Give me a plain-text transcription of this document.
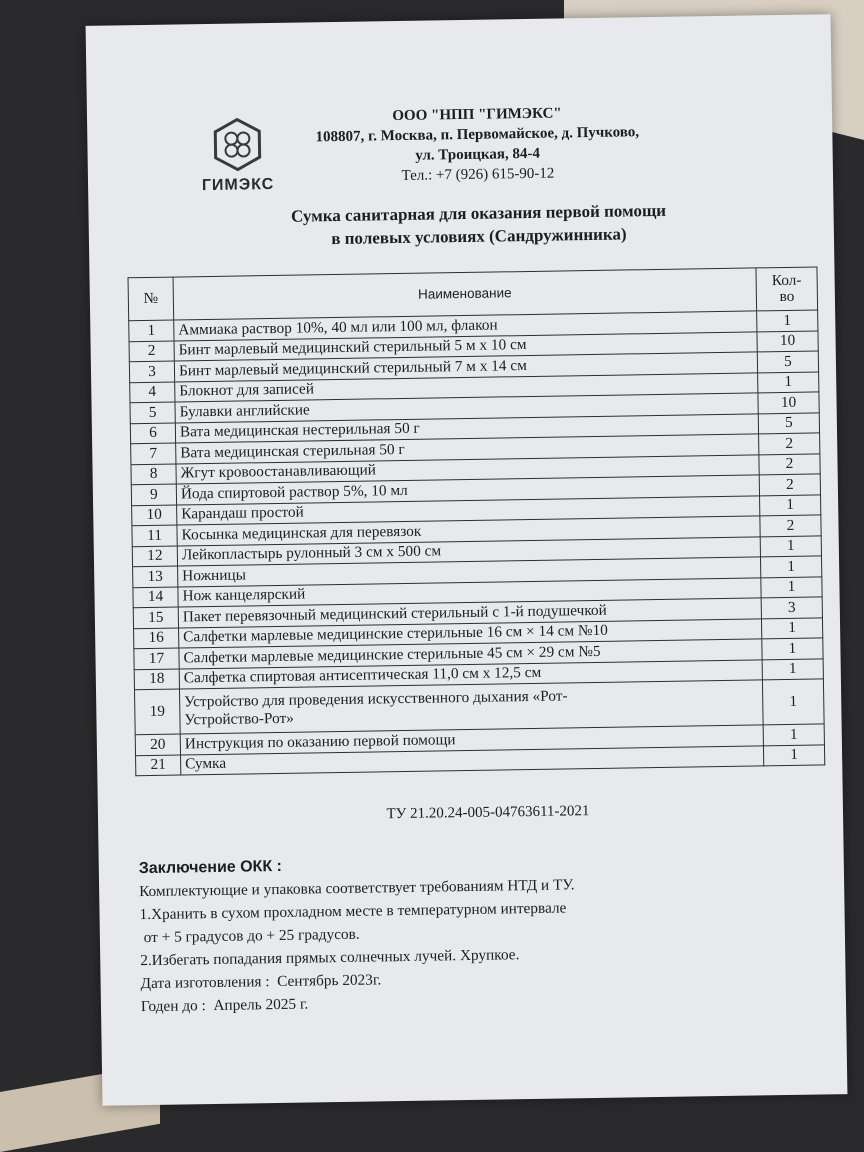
ГИМЭКС
ООО "НПП "ГИМЭКС"
108807, г. Москва, п. Первомайское, д. Пучково,
ул. Троицкая, 84-4
Тел.: +7 (926) 615-90-12
Сумка санитарная для оказания первой помощи
в полевых условиях (Сандружинника)
№	Наименование	Кол-
во
1	Аммиака раствор 10%, 40 мл или 100 мл, флакон	1
2	Бинт марлевый медицинский стерильный 5 м х 10 см	10
3	Бинт марлевый медицинский стерильный 7 м х 14 см	5
4	Блокнот для записей	1
5	Булавки английские	10
6	Вата медицинская нестерильная 50 г	5
7	Вата медицинская стерильная 50 г	2
8	Жгут кровоостанавливающий	2
9	Йода спиртовой раствор 5%, 10 мл	2
10	Карандаш простой	1
11	Косынка медицинская для перевязок	2
12	Лейкопластырь рулонный 3 см х 500 см	1
13	Ножницы	1
14	Нож канцелярский	1
15	Пакет перевязочный медицинский стерильный с 1-й подушечкой	3
16	Салфетки марлевые медицинские стерильные 16 см × 14 см №10	1
17	Салфетки марлевые медицинские стерильные 45 см × 29 см №5	1
18	Салфетка спиртовая антисептическая 11,0 см х 12,5 см	1
19	Устройство для проведения искусственного дыхания «Рот-
Устройство-Рот»	1
20	Инструкция по оказанию первой помощи	1
21	Сумка	1
ТУ 21.20.24-005-04763611-2021
Заключение ОКК :
Комплектующие и упаковка соответствует требованиям НТД и ТУ.
1.Хранить в сухом прохладном месте в температурном интервале
от + 5 градусов до + 25 градусов.
2.Избегать попадания прямых солнечных лучей. Хрупкое.
Дата изготовления :  Сентябрь 2023г.
Годен до :  Апрель 2025 г.
